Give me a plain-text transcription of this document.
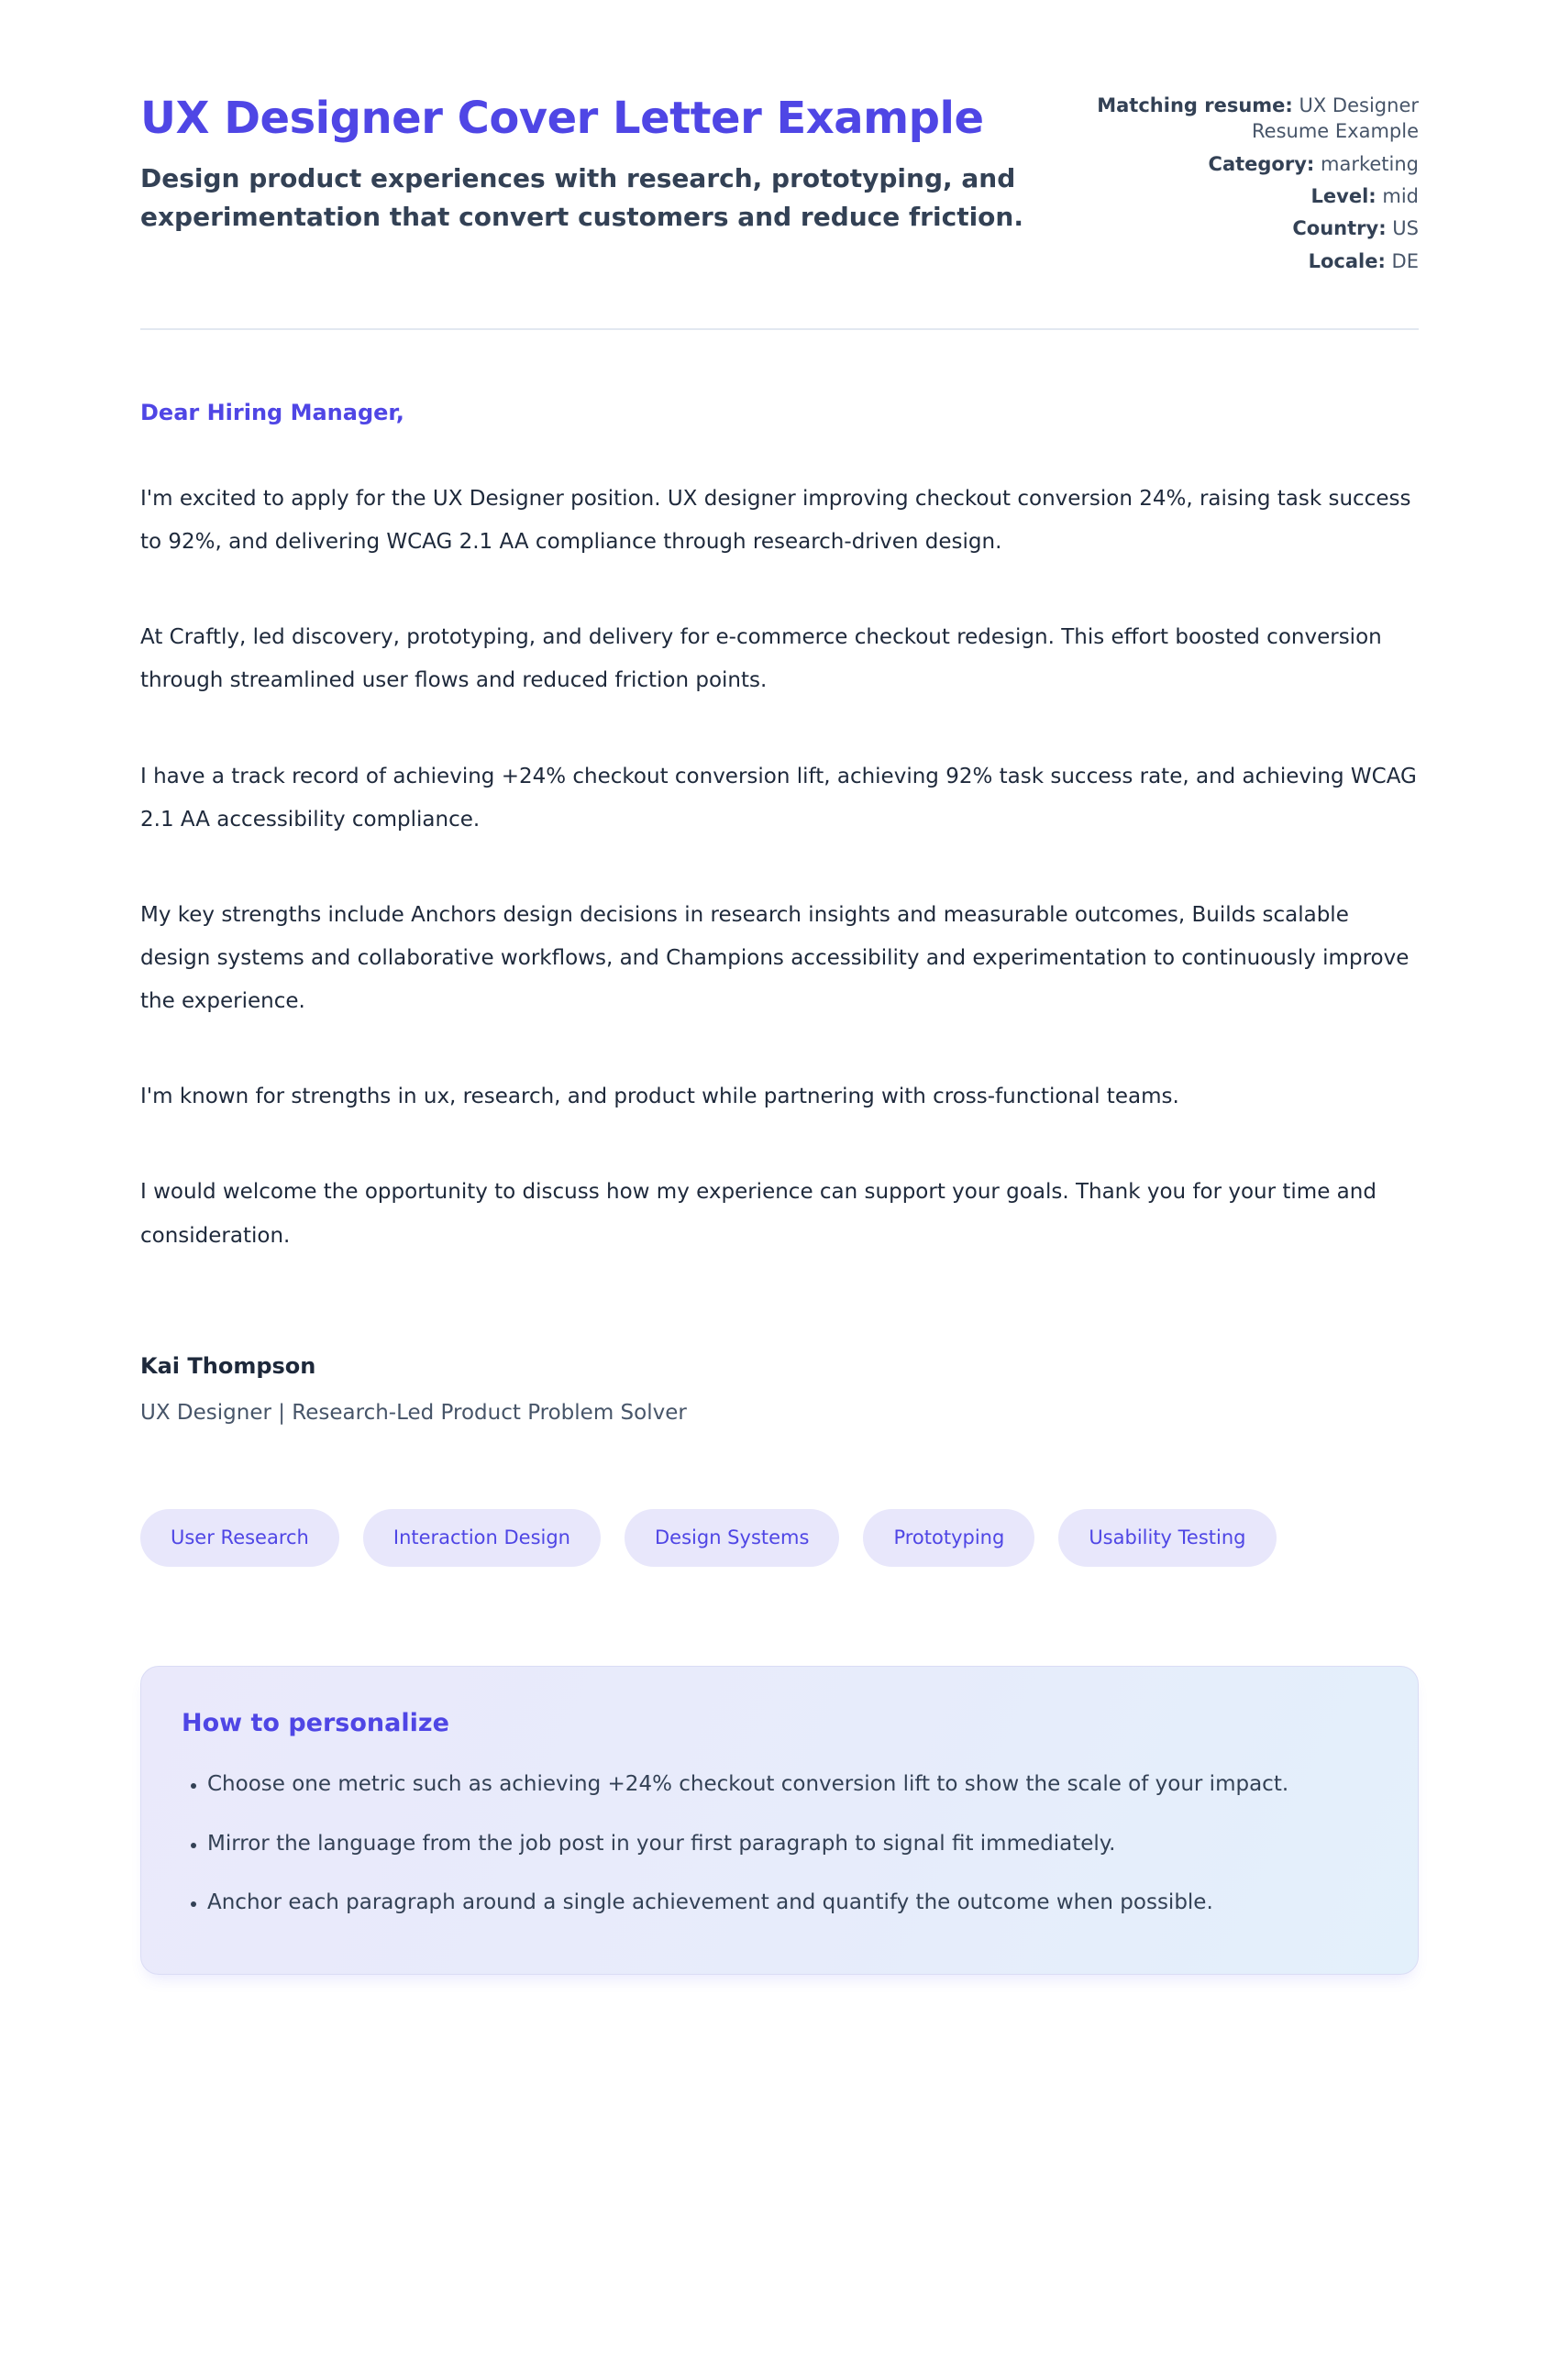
UX Designer Cover Letter Example

Design product experiences with research, prototyping, and experimentation that convert customers and reduce friction.

Matching resume: UX Designer Resume Example
Category: marketing
Level: mid
Country: US
Locale: DE

Dear Hiring Manager,

I'm excited to apply for the UX Designer position. UX designer improving checkout conversion 24%, raising task success to 92%, and delivering WCAG 2.1 AA compliance through research-driven design.

At Craftly, led discovery, prototyping, and delivery for e-commerce checkout redesign. This effort boosted conversion through streamlined user flows and reduced friction points.

I have a track record of achieving +24% checkout conversion lift, achieving 92% task success rate, and achieving WCAG 2.1 AA accessibility compliance.

My key strengths include Anchors design decisions in research insights and measurable outcomes, Builds scalable design systems and collaborative workflows, and Champions accessibility and experimentation to continuously improve the experience.

I'm known for strengths in ux, research, and product while partnering with cross-functional teams.

I would welcome the opportunity to discuss how my experience can support your goals. Thank you for your time and consideration.

Kai Thompson

UX Designer | Research-Led Product Problem Solver

User Research	Interaction Design	Design Systems	Prototyping	Usability Testing
How to personalize
• Choose one metric such as achieving +24% checkout conversion lift to show the scale of your impact.
• Mirror the language from the job post in your first paragraph to signal fit immediately.
• Anchor each paragraph around a single achievement and quantify the outcome when possible.
